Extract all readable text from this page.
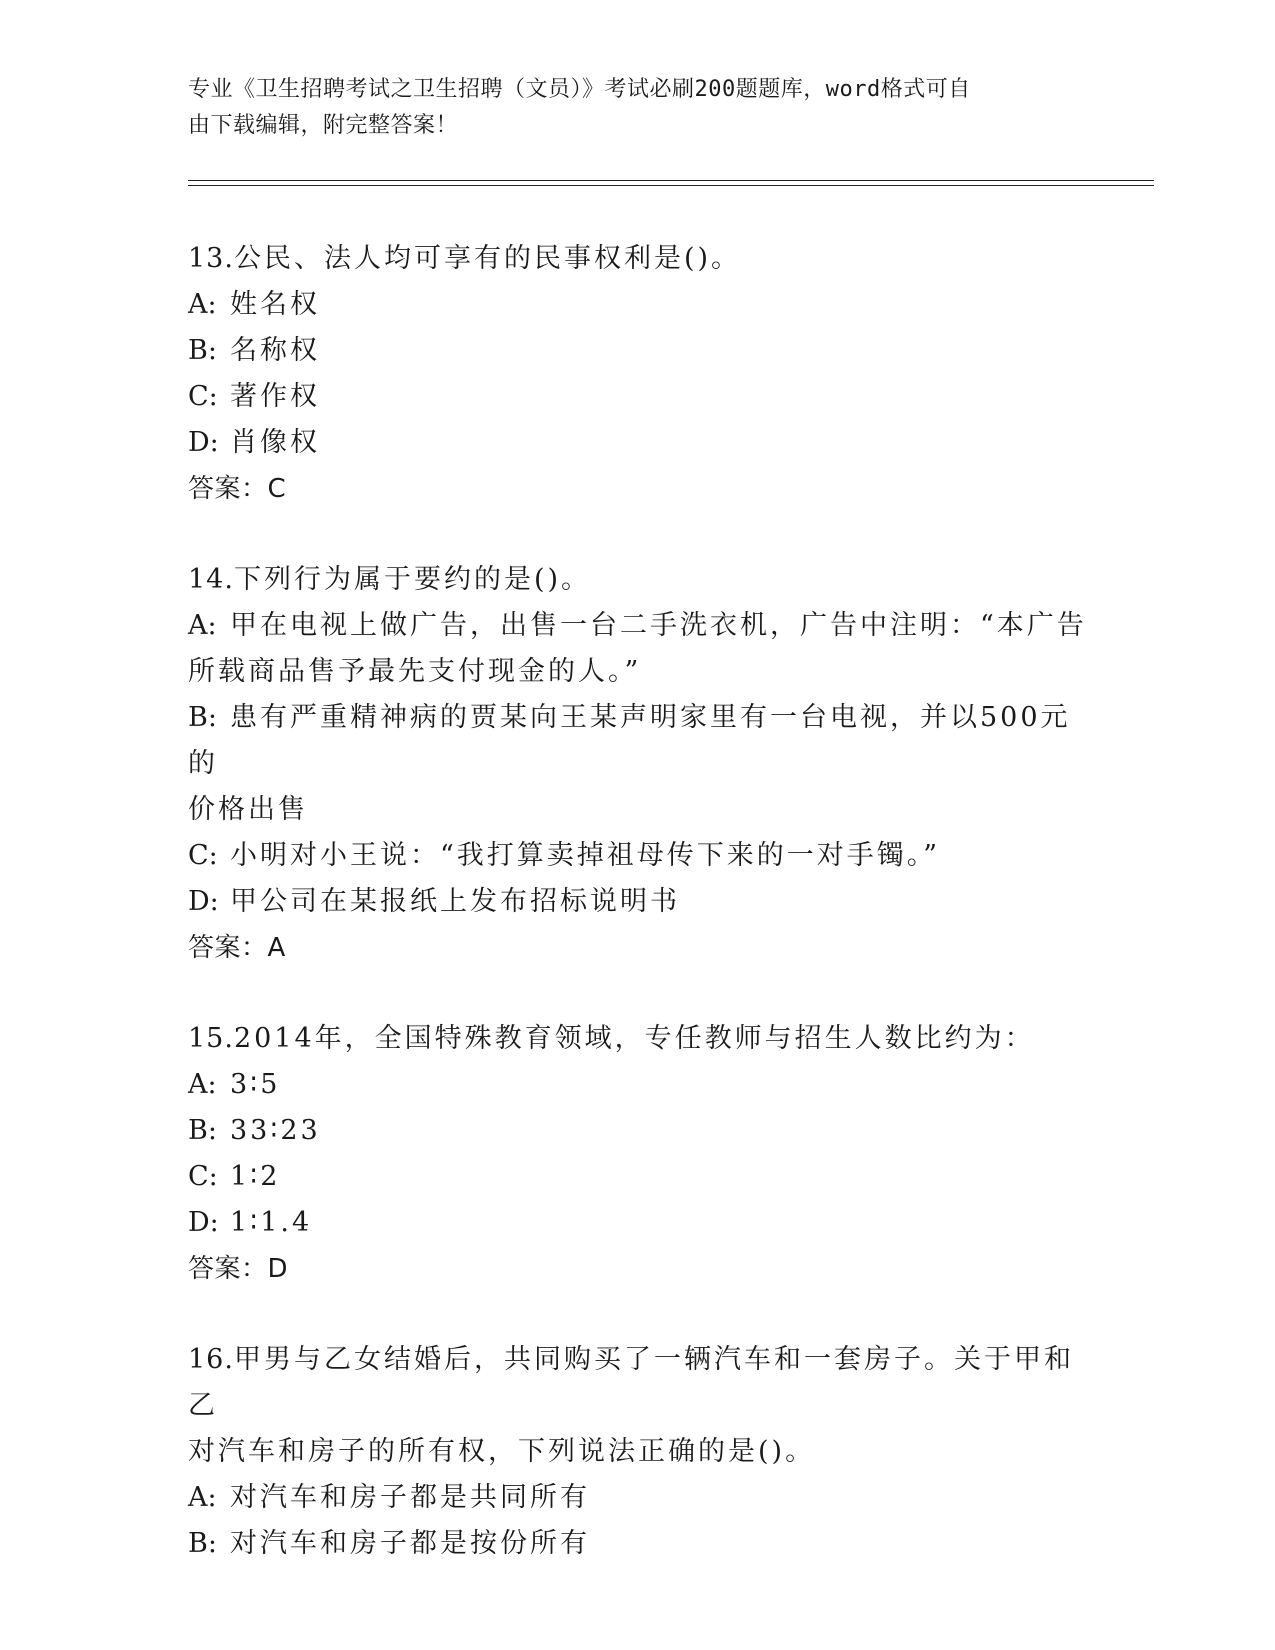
专业《卫生招聘考试之卫生招聘（文员）》考试必刷200题题库，word格式可自
由下载编辑，附完整答案！
13.公民、法人均可享有的民事权利是()。
A: 姓名权
B: 名称权
C: 著作权
D: 肖像权
答案：C
14.下列行为属于要约的是()。
A: 甲在电视上做广告，出售一台二手洗衣机，广告中注明：“本广告
所载商品售予最先支付现金的人。”
B: 患有严重精神病的贾某向王某声明家里有一台电视，并以500元的
价格出售
C: 小明对小王说：“我打算卖掉祖母传下来的一对手镯。”
D: 甲公司在某报纸上发布招标说明书
答案：A
15.2014年，全国特殊教育领域，专任教师与招生人数比约为：
A: 3∶5
B: 33∶23
C: 1∶2
D: 1∶1.4
答案：D
16.甲男与乙女结婚后，共同购买了一辆汽车和一套房子。关于甲和乙
对汽车和房子的所有权，下列说法正确的是()。
A: 对汽车和房子都是共同所有
B: 对汽车和房子都是按份所有
